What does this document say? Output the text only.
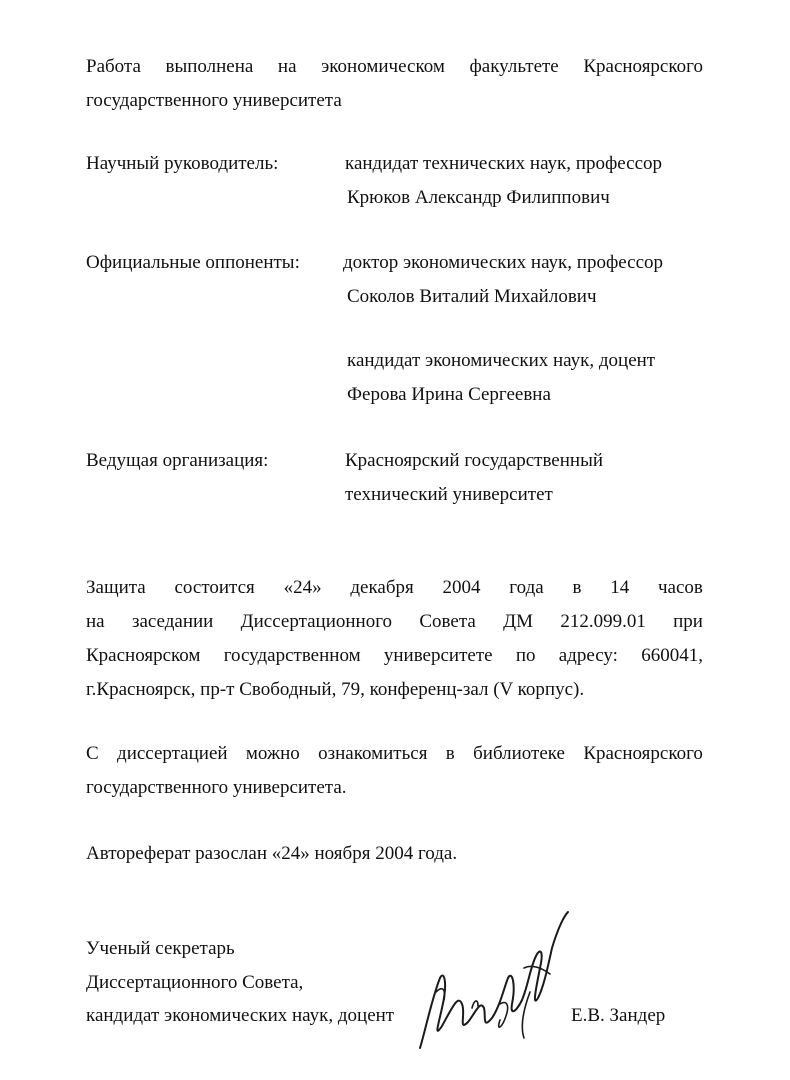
Работа выполнена на экономическом факультете Красноярского
государственного университета
Научный руководитель:	кандидат технических наук, профессор
Крюков Александр Филиппович
Официальные оппоненты: доктор экономических наук, профессор
Соколов Виталий Михайлович
кандидат экономических наук, доцент
Ферова Ирина Сергеевна
Ведущая организация:	Красноярский государственный
технический университет
Защита состоится «24» декабря 2004 года в 14 часов
на заседании Диссертационного Совета ДМ 212.099.01 при
Красноярском государственном университете по адресу: 660041,
г.Красноярск, пр-т Свободный, 79, конференц-зал (V корпус).
С диссертацией можно ознакомиться в библиотеке Красноярского
государственного университета.
Автореферат разослан «24» ноября 2004 года.
Ученый секретарь
Диссертационного Совета,
кандидат экономических наук, доцент	Е.В. Зандер
